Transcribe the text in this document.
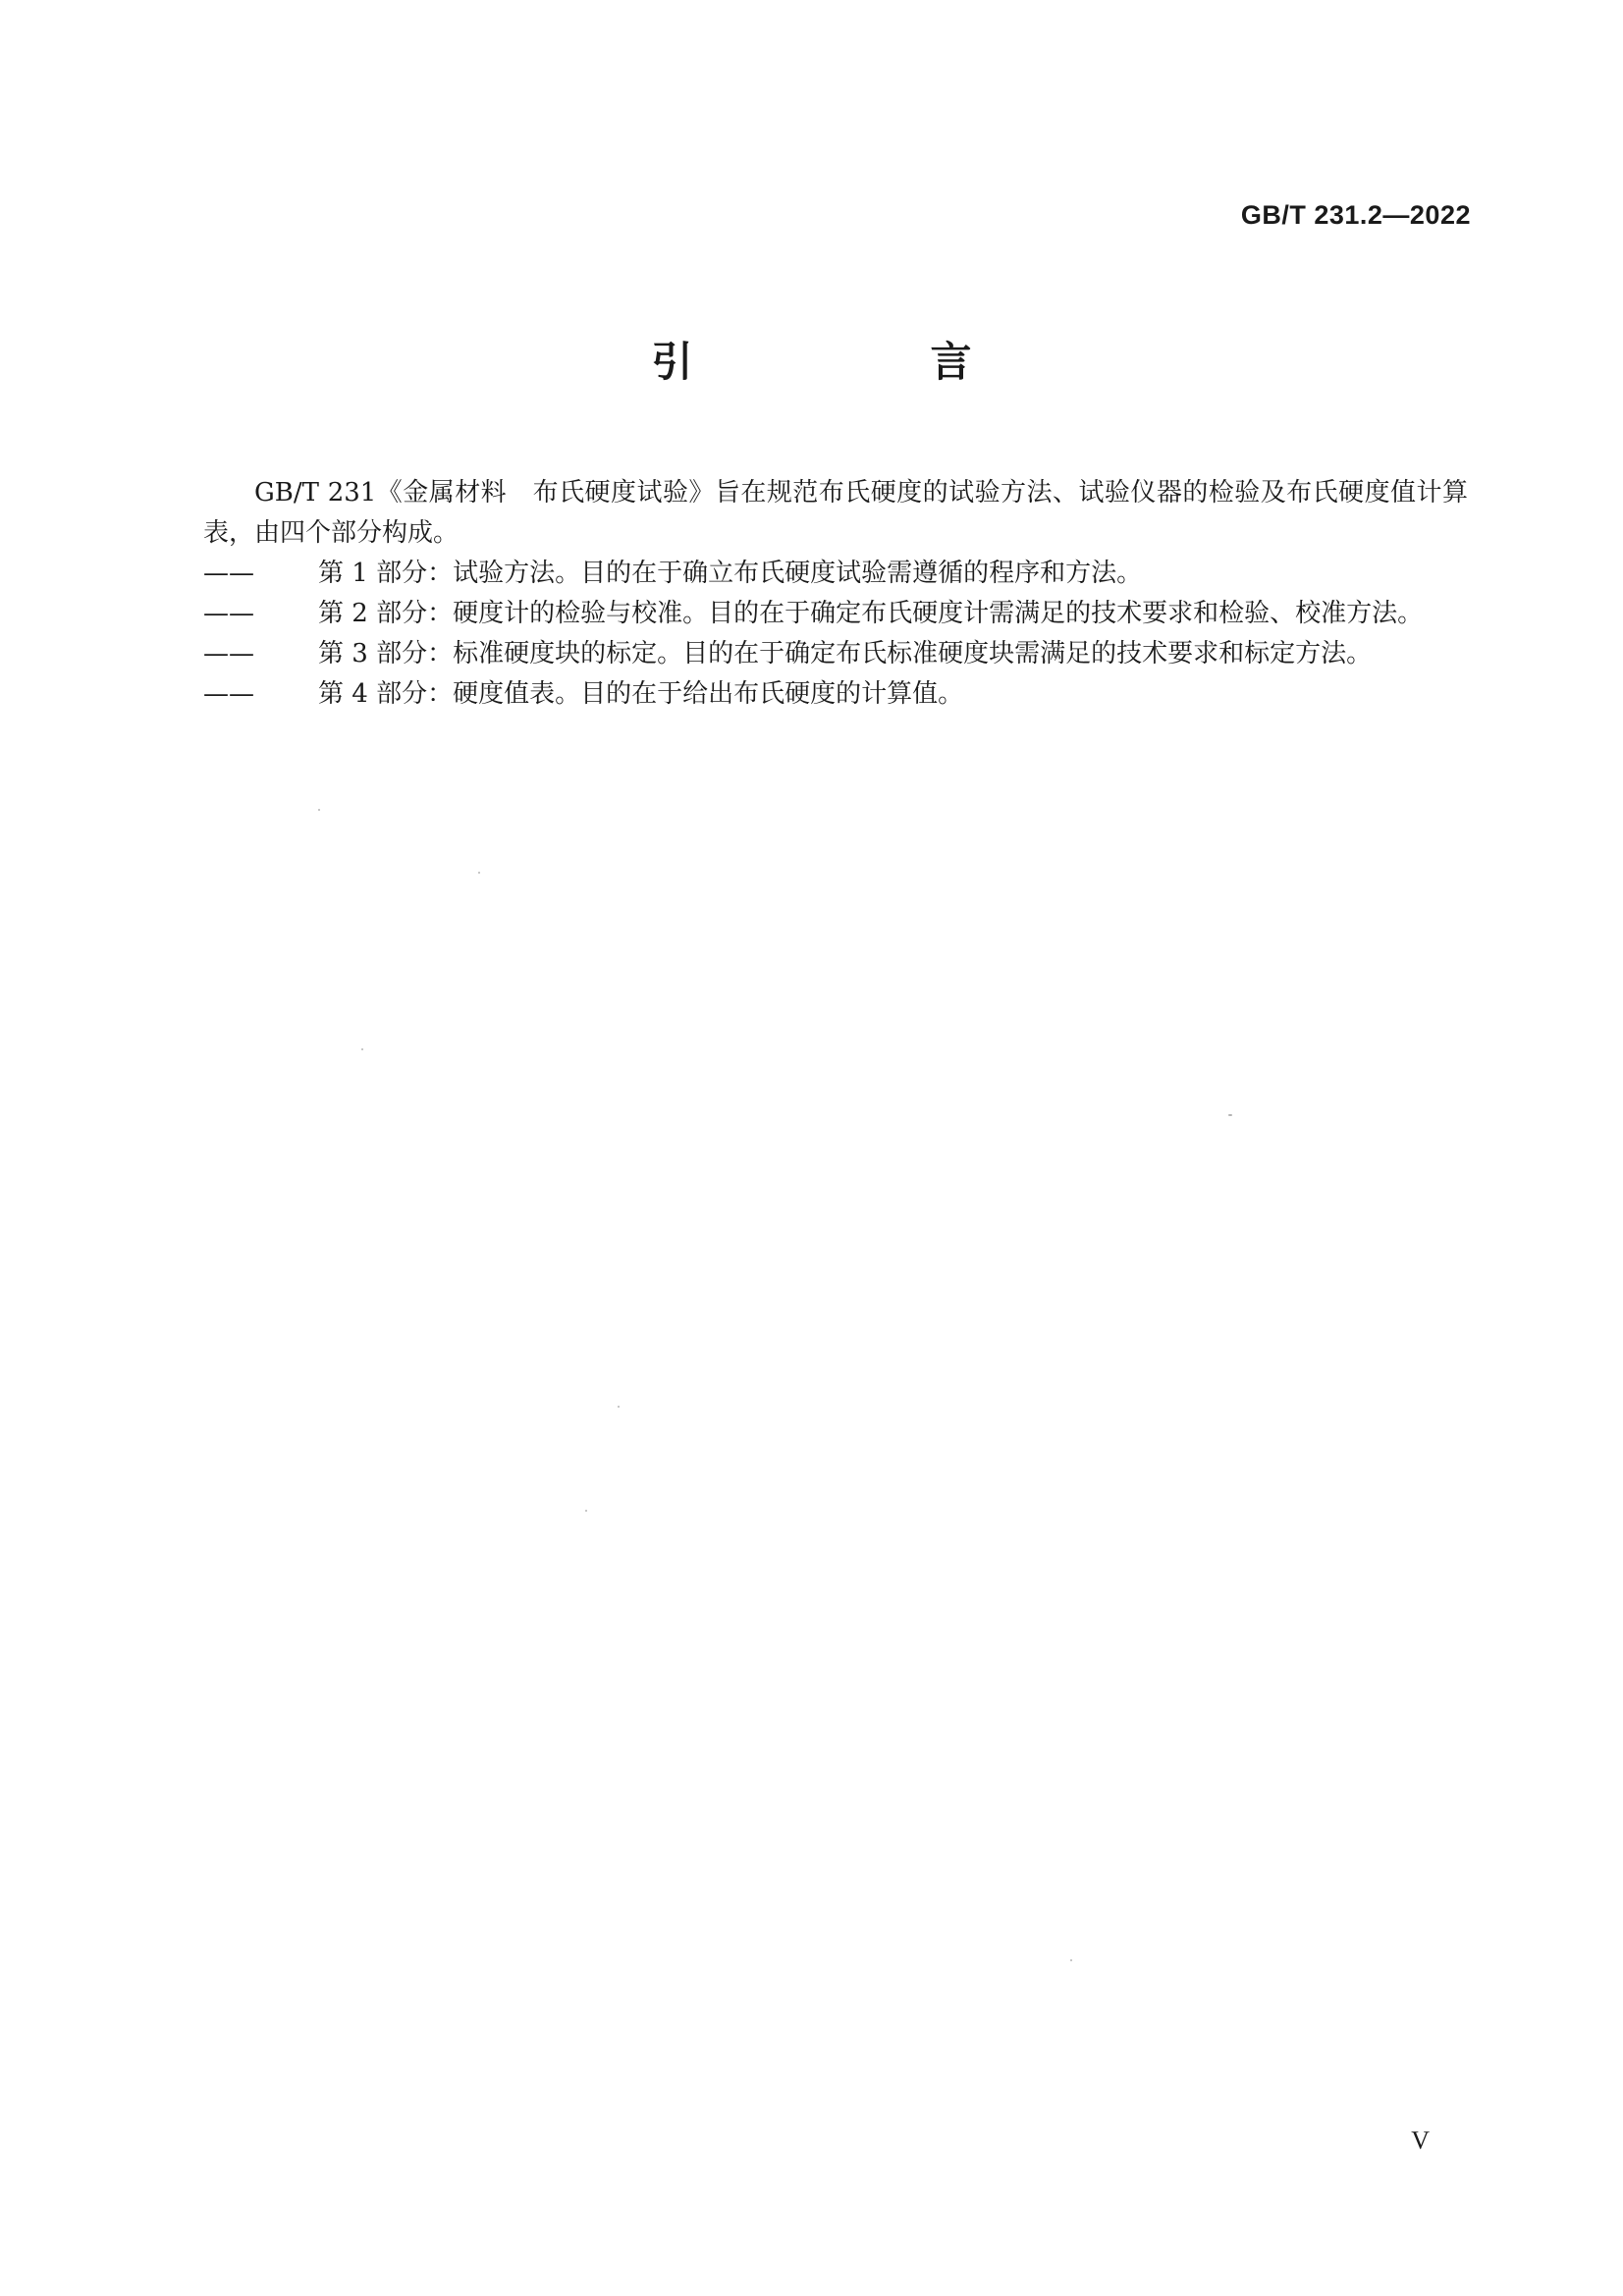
GB/T 231.2—2022
引　言

GB/T 231《金属材料　布氏硬度试验》旨在规范布氏硬度的试验方法、试验仪器的检验及布氏硬度值计算表，由四个部分构成。

——	第 1 部分：试验方法。目的在于确立布氏硬度试验需遵循的程序和方法。

——	第 2 部分：硬度计的检验与校准。目的在于确定布氏硬度计需满足的技术要求和检验、校准方法。

——	第 3 部分：标准硬度块的标定。目的在于确定布氏标准硬度块需满足的技术要求和标定方法。

——	第 4 部分：硬度值表。目的在于给出布氏硬度的计算值。

V
